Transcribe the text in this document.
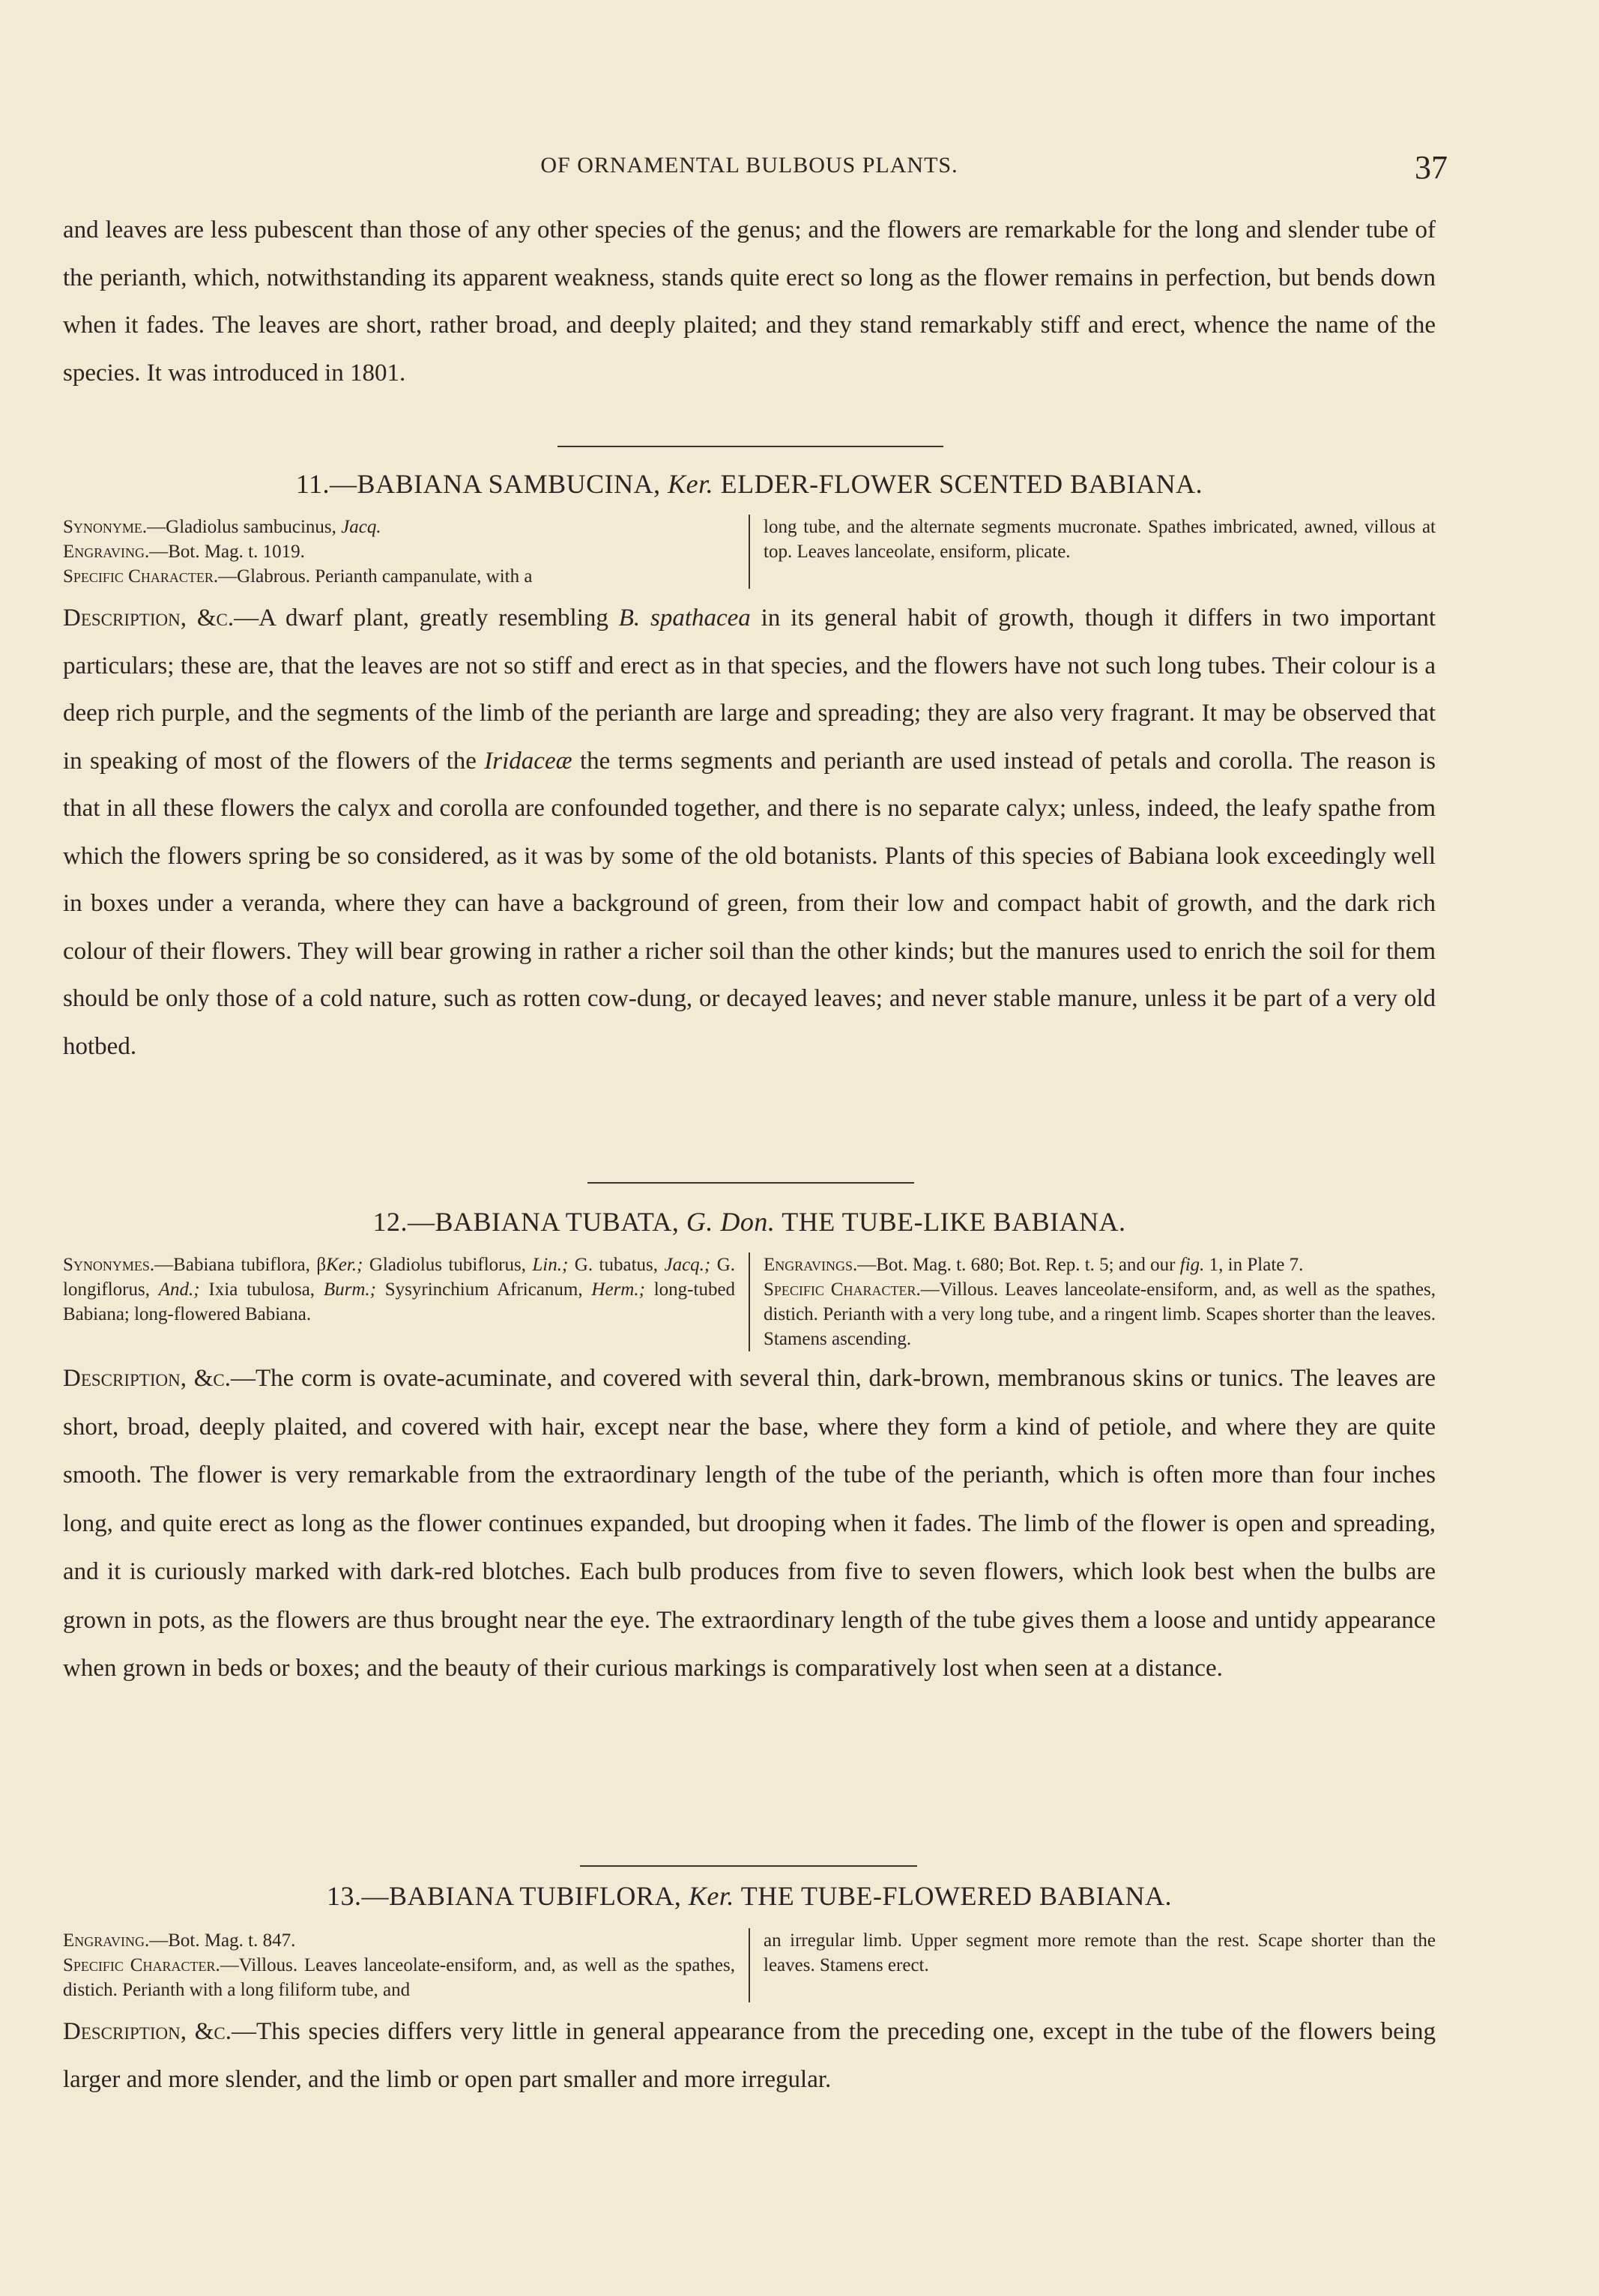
OF ORNAMENTAL BULBOUS PLANTS.	37

and leaves are less pubescent than those of any other species of the genus; and the flowers are remarkable for the long and slender tube of the perianth, which, notwithstanding its apparent weakness, stands quite erect so long as the flower remains in perfection, but bends down when it fades. The leaves are short, rather broad, and deeply plaited; and they stand remarkably stiff and erect, whence the name of the species. It was introduced in 1801.

11.—BABIANA SAMBUCINA, Ker. ELDER-FLOWER SCENTED BABIANA.
Synonyme.—Gladiolus sambucinus, Jacq.
Engraving.—Bot. Mag. t. 1019.
Specific Character.—Glabrous. Perianth campanulate, with a

long tube, and the alternate segments mucronate. Spathes imbricated, awned, villous at top. Leaves lanceolate, ensiform, plicate.

Description, &c.—A dwarf plant, greatly resembling B. spathacea in its general habit of growth, though it differs in two important particulars; these are, that the leaves are not so stiff and erect as in that species, and the flowers have not such long tubes. Their colour is a deep rich purple, and the segments of the limb of the perianth are large and spreading; they are also very fragrant. It may be observed that in speaking of most of the flowers of the Iridaceæ the terms segments and perianth are used instead of petals and corolla. The reason is that in all these flowers the calyx and corolla are confounded together, and there is no separate calyx; unless, indeed, the leafy spathe from which the flowers spring be so considered, as it was by some of the old botanists. Plants of this species of Babiana look exceedingly well in boxes under a veranda, where they can have a background of green, from their low and compact habit of growth, and the dark rich colour of their flowers. They will bear growing in rather a richer soil than the other kinds; but the manures used to enrich the soil for them should be only those of a cold nature, such as rotten cow-dung, or decayed leaves; and never stable manure, unless it be part of a very old hotbed.

12.—BABIANA TUBATA, G. Don. THE TUBE-LIKE BABIANA.

Synonymes.—Babiana tubiflora, βKer.; Gladiolus tubiflorus, Lin.; G. tubatus, Jacq.; G. longiflorus, And.; Ixia tubulosa, Burm.; Sysyrinchium Africanum, Herm.; long-tubed Babiana; long-flowered Babiana.

Engravings.—Bot. Mag. t. 680; Bot. Rep. t. 5; and our fig. 1, in Plate 7.

Specific Character.—Villous. Leaves lanceolate-ensiform, and, as well as the spathes, distich. Perianth with a very long tube, and a ringent limb. Scapes shorter than the leaves. Stamens ascending.

Description, &c.—The corm is ovate-acuminate, and covered with several thin, dark-brown, membranous skins or tunics. The leaves are short, broad, deeply plaited, and covered with hair, except near the base, where they form a kind of petiole, and where they are quite smooth. The flower is very remarkable from the extraordinary length of the tube of the perianth, which is often more than four inches long, and quite erect as long as the flower continues expanded, but drooping when it fades. The limb of the flower is open and spreading, and it is curiously marked with dark-red blotches. Each bulb produces from five to seven flowers, which look best when the bulbs are grown in pots, as the flowers are thus brought near the eye. The extraordinary length of the tube gives them a loose and untidy appearance when grown in beds or boxes; and the beauty of their curious markings is comparatively lost when seen at a distance.

13.—BABIANA TUBIFLORA, Ker. THE TUBE-FLOWERED BABIANA.
Engraving.—Bot. Mag. t. 847.

Specific Character.—Villous. Leaves lanceolate-ensiform, and, as well as the spathes, distich. Perianth with a long filiform tube, and

an irregular limb. Upper segment more remote than the rest. Scape shorter than the leaves. Stamens erect.

Description, &c.—This species differs very little in general appearance from the preceding one, except in the tube of the flowers being larger and more slender, and the limb or open part smaller and more irregular.
